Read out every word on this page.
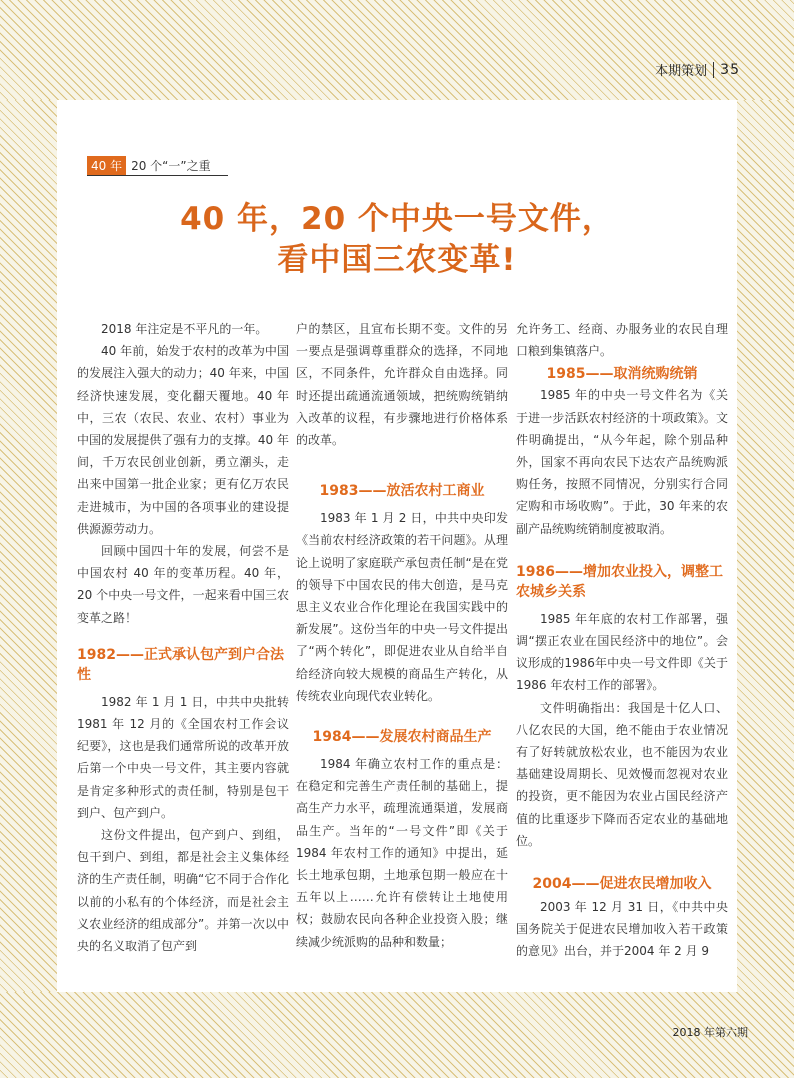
本期策划 35
40 年 20 个“一”之重
40 年，20 个中央一号文件，
看中国三农变革!

2018 年注定是不平凡的一年。

40 年前，始发于农村的改革为中国的发展注入强大的动力；40 年来，中国经济快速发展，变化翻天覆地。40 年中，三农（农民、农业、农村）事业为中国的发展提供了强有力的支撑。40 年间，千万农民创业创新，勇立潮头，走出来中国第一批企业家；更有亿万农民走进城市，为中国的各项事业的建设提供源源劳动力。

回顾中国四十年的发展，何尝不是中国农村 40 年的变革历程。40 年，20 个中央一号文件，一起来看中国三农变革之路！

1982——正式承认包产到户合法性

1982 年 1 月 1 日，中共中央批转 1981 年 12 月的《全国农村工作会议纪要》，这也是我们通常所说的改革开放后第一个中央一号文件，其主要内容就是肯定多种形式的责任制，特别是包干到户、包产到户。

这份文件提出，包产到户、到组，包干到户、到组，都是社会主义集体经济的生产责任制，明确“它不同于合作化以前的小私有的个体经济，而是社会主义农业经济的组成部分”。并第一次以中央的名义取消了包产到

户的禁区，且宣布长期不变。文件的另一要点是强调尊重群众的选择，不同地区，不同条件，允许群众自由选择。同时还提出疏通流通领域，把统购统销纳入改革的议程，有步骤地进行价格体系的改革。

1983——放活农村工商业

1983 年 1 月 2 日，中共中央印发《当前农村经济政策的若干问题》。从理论上说明了家庭联产承包责任制“是在党的领导下中国农民的伟大创造，是马克思主义农业合作化理论在我国实践中的新发展”。这份当年的中央一号文件提出了“两个转化”，即促进农业从自给半自给经济向较大规模的商品生产转化，从传统农业向现代农业转化。

1984——发展农村商品生产

1984 年确立农村工作的重点是：在稳定和完善生产责任制的基础上，提高生产力水平，疏理流通渠道，发展商品生产。当年的“一号文件”即《关于 1984 年农村工作的通知》中提出，延长土地承包期，土地承包期一般应在十五年以上……允许有偿转让土地使用权；鼓励农民向各种企业投资入股；继续减少统派购的品种和数量；

允许务工、经商、办服务业的农民自理口粮到集镇落户。

1985——取消统购统销

1985 年的中央一号文件名为《关于进一步活跃农村经济的十项政策》。文件明确提出，“从今年起，除个别品种外，国家不再向农民下达农产品统购派购任务，按照不同情况，分别实行合同定购和市场收购”。于此，30 年来的农副产品统购统销制度被取消。

1986——增加农业投入，调整工农城乡关系

1985 年年底的农村工作部署，强调“摆正农业在国民经济中的地位”。会议形成的1986年中央一号文件即《关于 1986 年农村工作的部署》。

文件明确指出：我国是十亿人口、八亿农民的大国，绝不能由于农业情况有了好转就放松农业，也不能因为农业基础建设周期长、见效慢而忽视对农业的投资，更不能因为农业占国民经济产值的比重逐步下降而否定农业的基础地位。

2004——促进农民增加收入

2003 年 12 月 31 日，《中共中央国务院关于促进农民增加收入若干政策的意见》出台，并于2004 年 2 月 9

2018 年第六期
